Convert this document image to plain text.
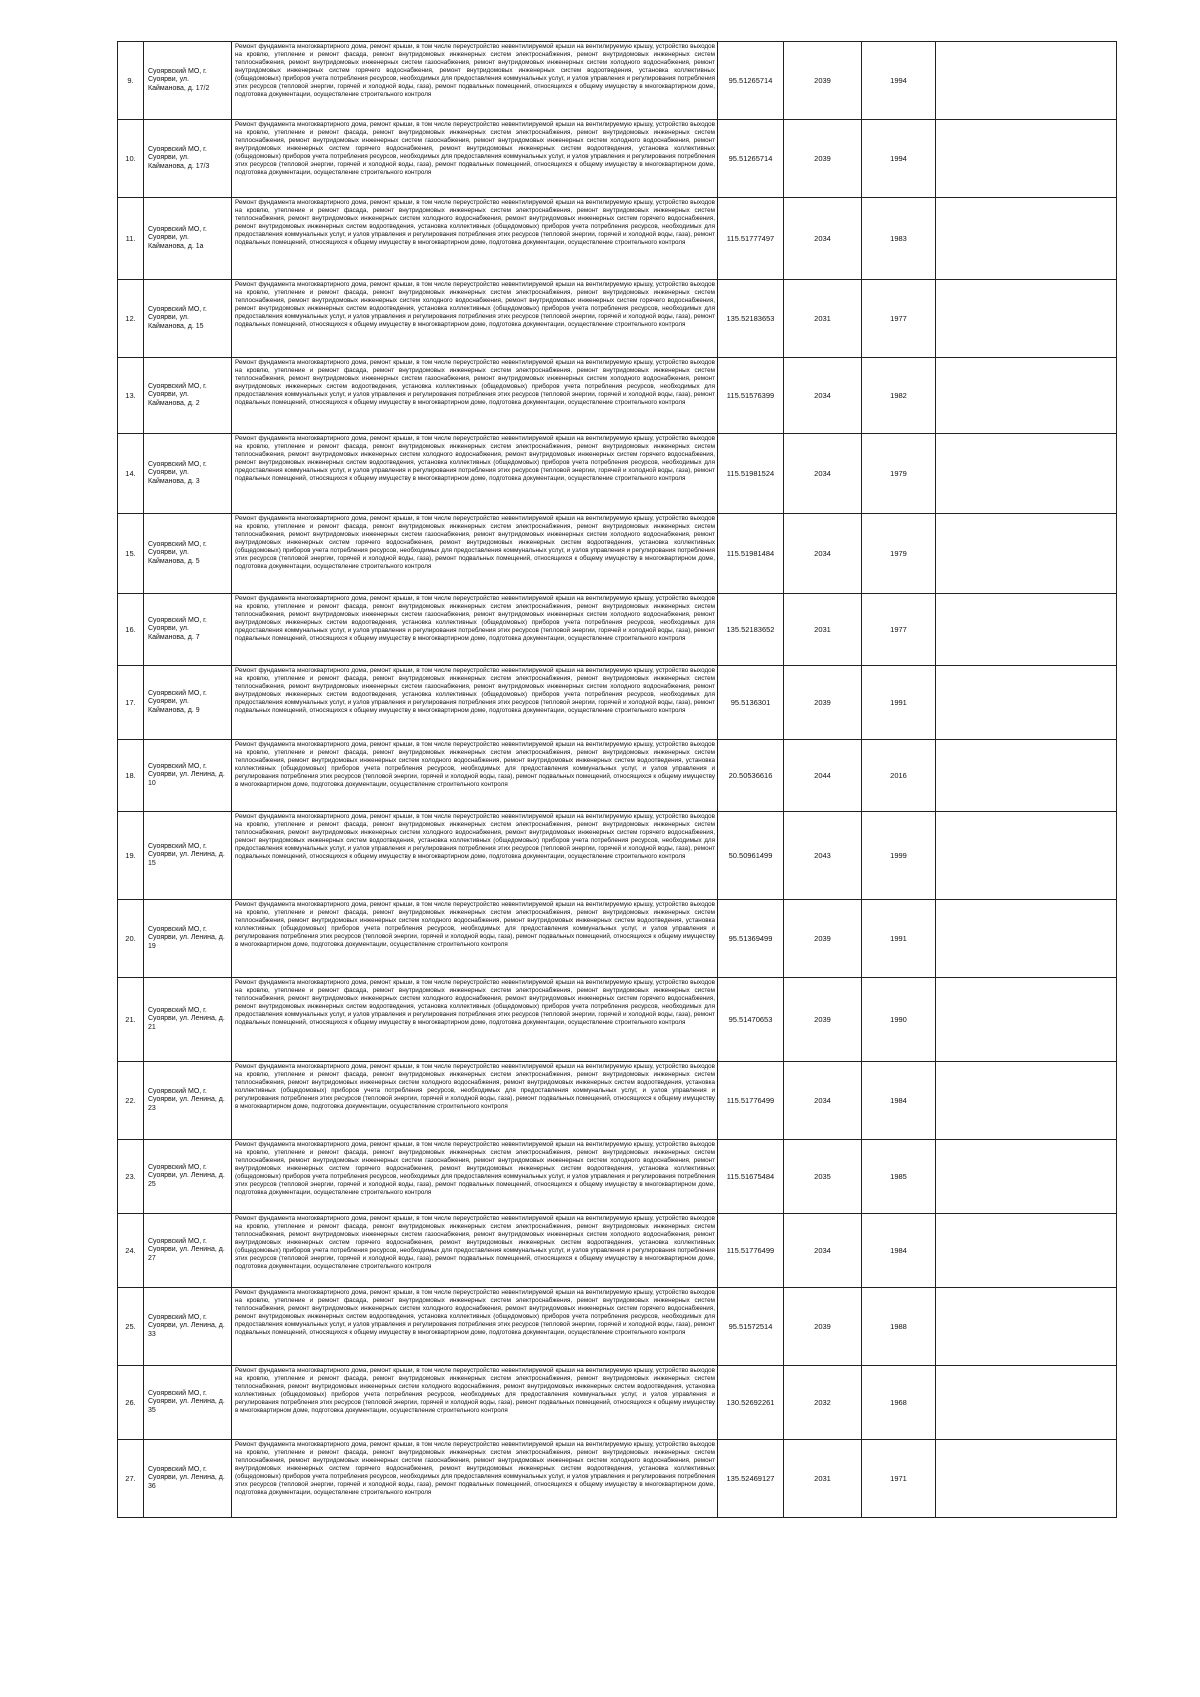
9.	Суоярвский МО, г. Суоярви, ул. Кайманова, д. 17/2	Ремонт фундамента многоквартирного дома, ремонт крыши, в том числе переустройство невентилируемой крыши на вентилируемую крышу, устройство выходов на кровлю, утепление и ремонт фасада, ремонт внутридомовых инженерных систем электроснабжения, ремонт внутридомовых инженерных систем теплоснабжения, ремонт внутридомовых инженерных систем газоснабжения, ремонт внутридомовых инженерных систем холодного водоснабжения, ремонт внутридомовых инженерных систем горячего водоснабжения, ремонт внутридомовых инженерных систем водоотведения, установка коллективных (общедомовых) приборов учета потребления ресурсов, необходимых для предоставления коммунальных услуг, и узлов управления и регулирования потребления этих ресурсов (тепловой энергии, горячей и холодной воды, газа), ремонт подвальных помещений, относящихся к общему имуществу в многоквартирном доме, подготовка документации, осуществление строительного контроля	95.51265714	2039	1994	
10.	Суоярвский МО, г. Суоярви, ул. Кайманова, д. 17/3	Ремонт фундамента многоквартирного дома, ремонт крыши, в том числе переустройство невентилируемой крыши на вентилируемую крышу, устройство выходов на кровлю, утепление и ремонт фасада, ремонт внутридомовых инженерных систем электроснабжения, ремонт внутридомовых инженерных систем теплоснабжения, ремонт внутридомовых инженерных систем газоснабжения, ремонт внутридомовых инженерных систем холодного водоснабжения, ремонт внутридомовых инженерных систем горячего водоснабжения, ремонт внутридомовых инженерных систем водоотведения, установка коллективных (общедомовых) приборов учета потребления ресурсов, необходимых для предоставления коммунальных услуг, и узлов управления и регулирования потребления этих ресурсов (тепловой энергии, горячей и холодной воды, газа), ремонт подвальных помещений, относящихся к общему имуществу в многоквартирном доме, подготовка документации, осуществление строительного контроля	95.51265714	2039	1994	
11.	Суоярвский МО, г. Суоярви, ул. Кайманова, д. 1а	Ремонт фундамента многоквартирного дома, ремонт крыши, в том числе переустройство невентилируемой крыши на вентилируемую крышу, устройство выходов на кровлю, утепление и ремонт фасада, ремонт внутридомовых инженерных систем электроснабжения, ремонт внутридомовых инженерных систем теплоснабжения, ремонт внутридомовых инженерных систем холодного водоснабжения, ремонт внутридомовых инженерных систем горячего водоснабжения, ремонт внутридомовых инженерных систем водоотведения, установка коллективных (общедомовых) приборов учета потребления ресурсов, необходимых для предоставления коммунальных услуг, и узлов управления и регулирования потребления этих ресурсов (тепловой энергии, горячей и холодной воды, газа), ремонт подвальных помещений, относящихся к общему имуществу в многоквартирном доме, подготовка документации, осуществление строительного контроля	115.51777497	2034	1983	
12.	Суоярвский МО, г. Суоярви, ул. Кайманова, д. 15	Ремонт фундамента многоквартирного дома, ремонт крыши, в том числе переустройство невентилируемой крыши на вентилируемую крышу, устройство выходов на кровлю, утепление и ремонт фасада, ремонт внутридомовых инженерных систем электроснабжения, ремонт внутридомовых инженерных систем теплоснабжения, ремонт внутридомовых инженерных систем холодного водоснабжения, ремонт внутридомовых инженерных систем горячего водоснабжения, ремонт внутридомовых инженерных систем водоотведения, установка коллективных (общедомовых) приборов учета потребления ресурсов, необходимых для предоставления коммунальных услуг, и узлов управления и регулирования потребления этих ресурсов (тепловой энергии, горячей и холодной воды, газа), ремонт подвальных помещений, относящихся к общему имуществу в многоквартирном доме, подготовка документации, осуществление строительного контроля	135.52183653	2031	1977	
13.	Суоярвский МО, г. Суоярви, ул. Кайманова, д. 2	Ремонт фундамента многоквартирного дома, ремонт крыши, в том числе переустройство невентилируемой крыши на вентилируемую крышу, устройство выходов на кровлю, утепление и ремонт фасада, ремонт внутридомовых инженерных систем электроснабжения, ремонт внутридомовых инженерных систем теплоснабжения, ремонт внутридомовых инженерных систем газоснабжения, ремонт внутридомовых инженерных систем холодного водоснабжения, ремонт внутридомовых инженерных систем водоотведения, установка коллективных (общедомовых) приборов учета потребления ресурсов, необходимых для предоставления коммунальных услуг, и узлов управления и регулирования потребления этих ресурсов (тепловой энергии, горячей и холодной воды, газа), ремонт подвальных помещений, относящихся к общему имуществу в многоквартирном доме, подготовка документации, осуществление строительного контроля	115.51576399	2034	1982	
14.	Суоярвский МО, г. Суоярви, ул. Кайманова, д. 3	Ремонт фундамента многоквартирного дома, ремонт крыши, в том числе переустройство невентилируемой крыши на вентилируемую крышу, устройство выходов на кровлю, утепление и ремонт фасада, ремонт внутридомовых инженерных систем электроснабжения, ремонт внутридомовых инженерных систем теплоснабжения, ремонт внутридомовых инженерных систем холодного водоснабжения, ремонт внутридомовых инженерных систем горячего водоснабжения, ремонт внутридомовых инженерных систем водоотведения, установка коллективных (общедомовых) приборов учета потребления ресурсов, необходимых для предоставления коммунальных услуг, и узлов управления и регулирования потребления этих ресурсов (тепловой энергии, горячей и холодной воды, газа), ремонт подвальных помещений, относящихся к общему имуществу в многоквартирном доме, подготовка документации, осуществление строительного контроля	115.51981524	2034	1979	
15.	Суоярвский МО, г. Суоярви, ул. Кайманова, д. 5	Ремонт фундамента многоквартирного дома, ремонт крыши, в том числе переустройство невентилируемой крыши на вентилируемую крышу, устройство выходов на кровлю, утепление и ремонт фасада, ремонт внутридомовых инженерных систем электроснабжения, ремонт внутридомовых инженерных систем теплоснабжения, ремонт внутридомовых инженерных систем газоснабжения, ремонт внутридомовых инженерных систем холодного водоснабжения, ремонт внутридомовых инженерных систем горячего водоснабжения, ремонт внутридомовых инженерных систем водоотведения, установка коллективных (общедомовых) приборов учета потребления ресурсов, необходимых для предоставления коммунальных услуг, и узлов управления и регулирования потребления этих ресурсов (тепловой энергии, горячей и холодной воды, газа), ремонт подвальных помещений, относящихся к общему имуществу в многоквартирном доме, подготовка документации, осуществление строительного контроля	115.51981484	2034	1979	
16.	Суоярвский МО, г. Суоярви, ул. Кайманова, д. 7	Ремонт фундамента многоквартирного дома, ремонт крыши, в том числе переустройство невентилируемой крыши на вентилируемую крышу, устройство выходов на кровлю, утепление и ремонт фасада, ремонт внутридомовых инженерных систем электроснабжения, ремонт внутридомовых инженерных систем теплоснабжения, ремонт внутридомовых инженерных систем газоснабжения, ремонт внутридомовых инженерных систем холодного водоснабжения, ремонт внутридомовых инженерных систем водоотведения, установка коллективных (общедомовых) приборов учета потребления ресурсов, необходимых для предоставления коммунальных услуг, и узлов управления и регулирования потребления этих ресурсов (тепловой энергии, горячей и холодной воды, газа), ремонт подвальных помещений, относящихся к общему имуществу в многоквартирном доме, подготовка документации, осуществление строительного контроля	135.52183652	2031	1977	
17.	Суоярвский МО, г. Суоярви, ул. Кайманова, д. 9	Ремонт фундамента многоквартирного дома, ремонт крыши, в том числе переустройство невентилируемой крыши на вентилируемую крышу, устройство выходов на кровлю, утепление и ремонт фасада, ремонт внутридомовых инженерных систем электроснабжения, ремонт внутридомовых инженерных систем теплоснабжения, ремонт внутридомовых инженерных систем газоснабжения, ремонт внутридомовых инженерных систем холодного водоснабжения, ремонт внутридомовых инженерных систем водоотведения, установка коллективных (общедомовых) приборов учета потребления ресурсов, необходимых для предоставления коммунальных услуг, и узлов управления и регулирования потребления этих ресурсов (тепловой энергии, горячей и холодной воды, газа), ремонт подвальных помещений, относящихся к общему имуществу в многоквартирном доме, подготовка документации, осуществление строительного контроля	95.5136301	2039	1991	
18.	Суоярвский МО, г. Суоярви, ул. Ленина, д. 10	Ремонт фундамента многоквартирного дома, ремонт крыши, в том числе переустройство невентилируемой крыши на вентилируемую крышу, устройство выходов на кровлю, утепление и ремонт фасада, ремонт внутридомовых инженерных систем электроснабжения, ремонт внутридомовых инженерных систем теплоснабжения, ремонт внутридомовых инженерных систем холодного водоснабжения, ремонт внутридомовых инженерных систем водоотведения, установка коллективных (общедомовых) приборов учета потребления ресурсов, необходимых для предоставления коммунальных услуг, и узлов управления и регулирования потребления этих ресурсов (тепловой энергии, горячей и холодной воды, газа), ремонт подвальных помещений, относящихся к общему имуществу в многоквартирном доме, подготовка документации, осуществление строительного контроля	20.50536616	2044	2016	
19.	Суоярвский МО, г. Суоярви, ул. Ленина, д. 15	Ремонт фундамента многоквартирного дома, ремонт крыши, в том числе переустройство невентилируемой крыши на вентилируемую крышу, устройство выходов на кровлю, утепление и ремонт фасада, ремонт внутридомовых инженерных систем электроснабжения, ремонт внутридомовых инженерных систем теплоснабжения, ремонт внутридомовых инженерных систем холодного водоснабжения, ремонт внутридомовых инженерных систем горячего водоснабжения, ремонт внутридомовых инженерных систем водоотведения, установка коллективных (общедомовых) приборов учета потребления ресурсов, необходимых для предоставления коммунальных услуг, и узлов управления и регулирования потребления этих ресурсов (тепловой энергии, горячей и холодной воды, газа), ремонт подвальных помещений, относящихся к общему имуществу в многоквартирном доме, подготовка документации, осуществление строительного контроля	50.50961499	2043	1999	
20.	Суоярвский МО, г. Суоярви, ул. Ленина, д. 19	Ремонт фундамента многоквартирного дома, ремонт крыши, в том числе переустройство невентилируемой крыши на вентилируемую крышу, устройство выходов на кровлю, утепление и ремонт фасада, ремонт внутридомовых инженерных систем электроснабжения, ремонт внутридомовых инженерных систем теплоснабжения, ремонт внутридомовых инженерных систем холодного водоснабжения, ремонт внутридомовых инженерных систем водоотведения, установка коллективных (общедомовых) приборов учета потребления ресурсов, необходимых для предоставления коммунальных услуг, и узлов управления и регулирования потребления этих ресурсов (тепловой энергии, горячей и холодной воды, газа), ремонт подвальных помещений, относящихся к общему имуществу в многоквартирном доме, подготовка документации, осуществление строительного контроля	95.51369499	2039	1991	
21.	Суоярвский МО, г. Суоярви, ул. Ленина, д. 21	Ремонт фундамента многоквартирного дома, ремонт крыши, в том числе переустройство невентилируемой крыши на вентилируемую крышу, устройство выходов на кровлю, утепление и ремонт фасада, ремонт внутридомовых инженерных систем электроснабжения, ремонт внутридомовых инженерных систем теплоснабжения, ремонт внутридомовых инженерных систем холодного водоснабжения, ремонт внутридомовых инженерных систем горячего водоснабжения, ремонт внутридомовых инженерных систем водоотведения, установка коллективных (общедомовых) приборов учета потребления ресурсов, необходимых для предоставления коммунальных услуг, и узлов управления и регулирования потребления этих ресурсов (тепловой энергии, горячей и холодной воды, газа), ремонт подвальных помещений, относящихся к общему имуществу в многоквартирном доме, подготовка документации, осуществление строительного контроля	95.51470653	2039	1990	
22.	Суоярвский МО, г. Суоярви, ул. Ленина, д. 23	Ремонт фундамента многоквартирного дома, ремонт крыши, в том числе переустройство невентилируемой крыши на вентилируемую крышу, устройство выходов на кровлю, утепление и ремонт фасада, ремонт внутридомовых инженерных систем электроснабжения, ремонт внутридомовых инженерных систем теплоснабжения, ремонт внутридомовых инженерных систем холодного водоснабжения, ремонт внутридомовых инженерных систем водоотведения, установка коллективных (общедомовых) приборов учета потребления ресурсов, необходимых для предоставления коммунальных услуг, и узлов управления и регулирования потребления этих ресурсов (тепловой энергии, горячей и холодной воды, газа), ремонт подвальных помещений, относящихся к общему имуществу в многоквартирном доме, подготовка документации, осуществление строительного контроля	115.51776499	2034	1984	
23.	Суоярвский МО, г. Суоярви, ул. Ленина, д. 25	Ремонт фундамента многоквартирного дома, ремонт крыши, в том числе переустройство невентилируемой крыши на вентилируемую крышу, устройство выходов на кровлю, утепление и ремонт фасада, ремонт внутридомовых инженерных систем электроснабжения, ремонт внутридомовых инженерных систем теплоснабжения, ремонт внутридомовых инженерных систем газоснабжения, ремонт внутридомовых инженерных систем холодного водоснабжения, ремонт внутридомовых инженерных систем горячего водоснабжения, ремонт внутридомовых инженерных систем водоотведения, установка коллективных (общедомовых) приборов учета потребления ресурсов, необходимых для предоставления коммунальных услуг, и узлов управления и регулирования потребления этих ресурсов (тепловой энергии, горячей и холодной воды, газа), ремонт подвальных помещений, относящихся к общему имуществу в многоквартирном доме, подготовка документации, осуществление строительного контроля	115.51675484	2035	1985	
24.	Суоярвский МО, г. Суоярви, ул. Ленина, д. 27	Ремонт фундамента многоквартирного дома, ремонт крыши, в том числе переустройство невентилируемой крыши на вентилируемую крышу, устройство выходов на кровлю, утепление и ремонт фасада, ремонт внутридомовых инженерных систем электроснабжения, ремонт внутридомовых инженерных систем теплоснабжения, ремонт внутридомовых инженерных систем газоснабжения, ремонт внутридомовых инженерных систем холодного водоснабжения, ремонт внутридомовых инженерных систем горячего водоснабжения, ремонт внутридомовых инженерных систем водоотведения, установка коллективных (общедомовых) приборов учета потребления ресурсов, необходимых для предоставления коммунальных услуг, и узлов управления и регулирования потребления этих ресурсов (тепловой энергии, горячей и холодной воды, газа), ремонт подвальных помещений, относящихся к общему имуществу в многоквартирном доме, подготовка документации, осуществление строительного контроля	115.51776499	2034	1984	
25.	Суоярвский МО, г. Суоярви, ул. Ленина, д. 33	Ремонт фундамента многоквартирного дома, ремонт крыши, в том числе переустройство невентилируемой крыши на вентилируемую крышу, устройство выходов на кровлю, утепление и ремонт фасада, ремонт внутридомовых инженерных систем электроснабжения, ремонт внутридомовых инженерных систем теплоснабжения, ремонт внутридомовых инженерных систем холодного водоснабжения, ремонт внутридомовых инженерных систем горячего водоснабжения, ремонт внутридомовых инженерных систем водоотведения, установка коллективных (общедомовых) приборов учета потребления ресурсов, необходимых для предоставления коммунальных услуг, и узлов управления и регулирования потребления этих ресурсов (тепловой энергии, горячей и холодной воды, газа), ремонт подвальных помещений, относящихся к общему имуществу в многоквартирном доме, подготовка документации, осуществление строительного контроля	95.51572514	2039	1988	
26.	Суоярвский МО, г. Суоярви, ул. Ленина, д. 35	Ремонт фундамента многоквартирного дома, ремонт крыши, в том числе переустройство невентилируемой крыши на вентилируемую крышу, устройство выходов на кровлю, утепление и ремонт фасада, ремонт внутридомовых инженерных систем электроснабжения, ремонт внутридомовых инженерных систем теплоснабжения, ремонт внутридомовых инженерных систем холодного водоснабжения, ремонт внутридомовых инженерных систем водоотведения, установка коллективных (общедомовых) приборов учета потребления ресурсов, необходимых для предоставления коммунальных услуг, и узлов управления и регулирования потребления этих ресурсов (тепловой энергии, горячей и холодной воды, газа), ремонт подвальных помещений, относящихся к общему имуществу в многоквартирном доме, подготовка документации, осуществление строительного контроля	130.52692261	2032	1968	
27.	Суоярвский МО, г. Суоярви, ул. Ленина, д. 36	Ремонт фундамента многоквартирного дома, ремонт крыши, в том числе переустройство невентилируемой крыши на вентилируемую крышу, устройство выходов на кровлю, утепление и ремонт фасада, ремонт внутридомовых инженерных систем электроснабжения, ремонт внутридомовых инженерных систем теплоснабжения, ремонт внутридомовых инженерных систем газоснабжения, ремонт внутридомовых инженерных систем холодного водоснабжения, ремонт внутридомовых инженерных систем горячего водоснабжения, ремонт внутридомовых инженерных систем водоотведения, установка коллективных (общедомовых) приборов учета потребления ресурсов, необходимых для предоставления коммунальных услуг, и узлов управления и регулирования потребления этих ресурсов (тепловой энергии, горячей и холодной воды, газа), ремонт подвальных помещений, относящихся к общему имуществу в многоквартирном доме, подготовка документации, осуществление строительного контроля	135.52469127	2031	1971	
